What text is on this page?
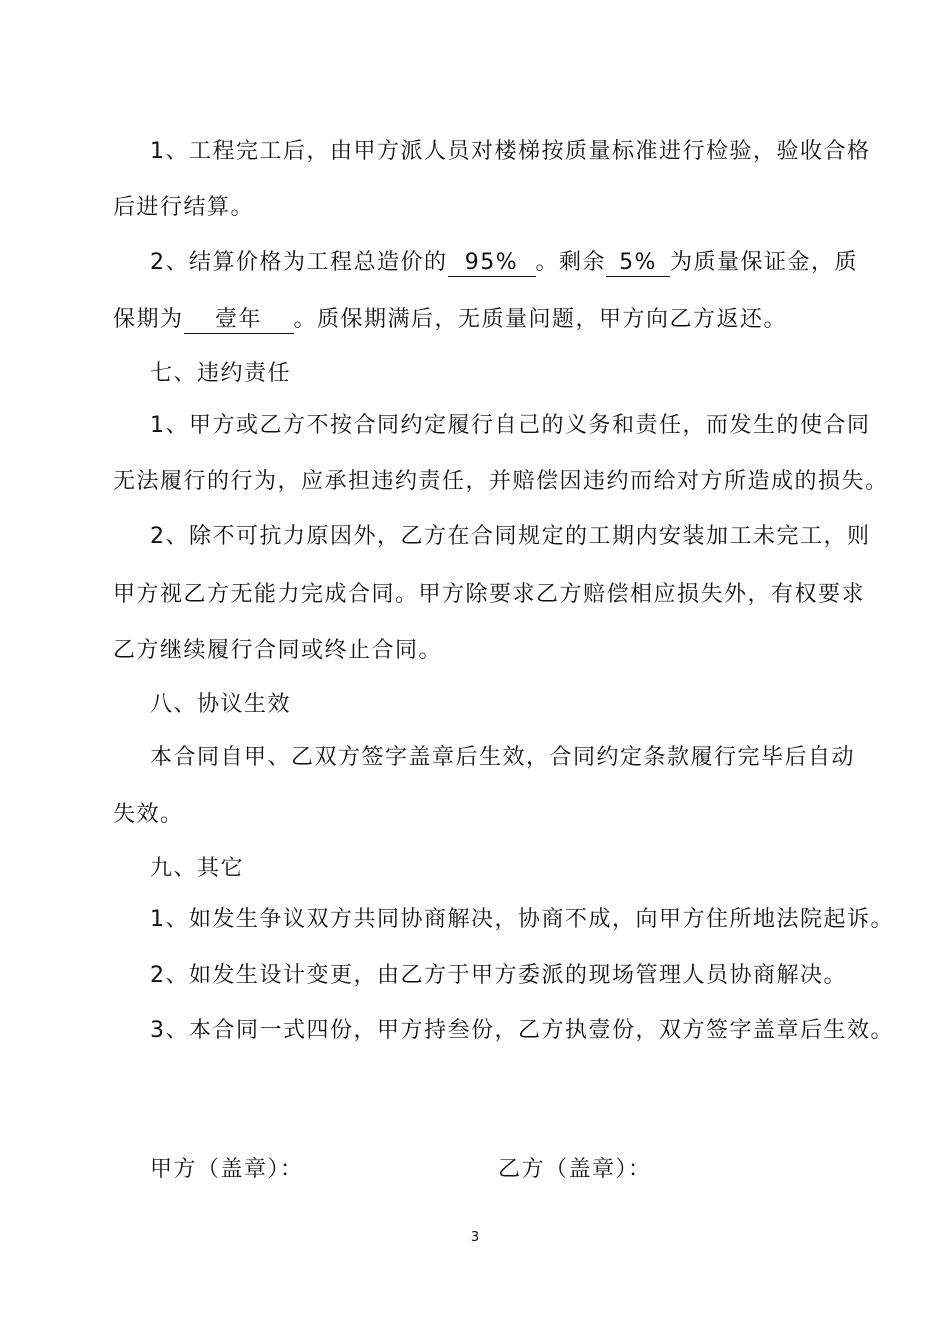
1、工程完工后，由甲方派人员对楼梯按质量标准进行检验，验收合格
后进行结算。
2、结算价格为工程总造价的 95% 。剩余 5% 为质量保证金，质
保期为 壹年 。质保期满后，无质量问题，甲方向乙方返还。
七、违约责任
1、甲方或乙方不按合同约定履行自己的义务和责任，而发生的使合同
无法履行的行为，应承担违约责任，并赔偿因违约而给对方所造成的损失。
2、除不可抗力原因外，乙方在合同规定的工期内安装加工未完工，则
甲方视乙方无能力完成合同。甲方除要求乙方赔偿相应损失外，有权要求
乙方继续履行合同或终止合同。
八、协议生效
本合同自甲、乙双方签字盖章后生效，合同约定条款履行完毕后自动
失效。
九、其它
1、如发生争议双方共同协商解决，协商不成，向甲方住所地法院起诉。
2、如发生设计变更，由乙方于甲方委派的现场管理人员协商解决。
3、本合同一式四份，甲方持叁份，乙方执壹份，双方签字盖章后生效。
甲方（盖章）：	乙方（盖章）：
3
